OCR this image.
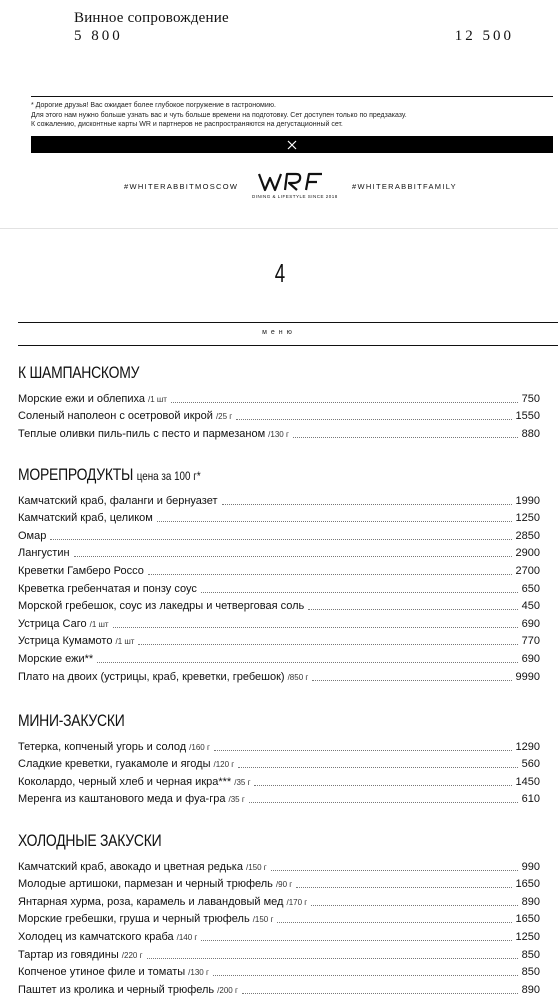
Винное сопровождение
5 800	12 500
* Дорогие друзья! Вас ожидает более глубокое погружение в гастрономию.
Для этого нам нужно больше узнать вас и чуть больше времени на подготовку. Сет доступен только по предзаказу.
К сожалению, дисконтные карты WR и партнеров не распространяются на дегустационный сет.
#WHITERABBITMOSCOW
DINING & LIFESTYLE SINCE 2018
#WHITERABBITFAMILY
4
меню
К ШАМПАНСКОМУ
Морские ежи и облепиха /1 шт	750
Соленый наполеон с осетровой икрой /25 г	1550
Теплые оливки пиль-пиль с песто и пармезаном /130 г	880
МОРЕПРОДУКТЫ цена за 100 г*
Камчатский краб, фаланги и бернуазет	1990
Камчатский краб, целиком	1250
Омар	2850
Лангустин	2900
Креветки Гамберо Россо	2700
Креветка гребенчатая и понзу соус	650
Морской гребешок, соус из лакедры и четверговая соль	450
Устрица Саго /1 шт	690
Устрица Кумамото /1 шт	770
Морские ежи**	690
Плато на двоих (устрицы, краб, креветки, гребешок) /850 г	9990
МИНИ-ЗАКУСКИ
Тетерка, копченый угорь и солод /160 г	1290
Сладкие креветки, гуакамоле и ягоды /120 г	560
Коколардо, черный хлеб и черная икра*** /35 г	1450
Меренга из каштанового меда и фуа-гра /35 г	610
ХОЛОДНЫЕ ЗАКУСКИ
Камчатский краб, авокадо и цветная редька /150 г	990
Молодые артишоки, пармезан и черный трюфель /90 г	1650
Янтарная хурма, роза, карамель и лавандовый мед /170 г	890
Морские гребешки, груша и черный трюфель /150 г	1650
Холодец из камчатского краба /140 г	1250
Тартар из говядины /220 г	850
Копченое утиное филе и томаты /130 г	850
Паштет из кролика и черный трюфель /200 г	890
